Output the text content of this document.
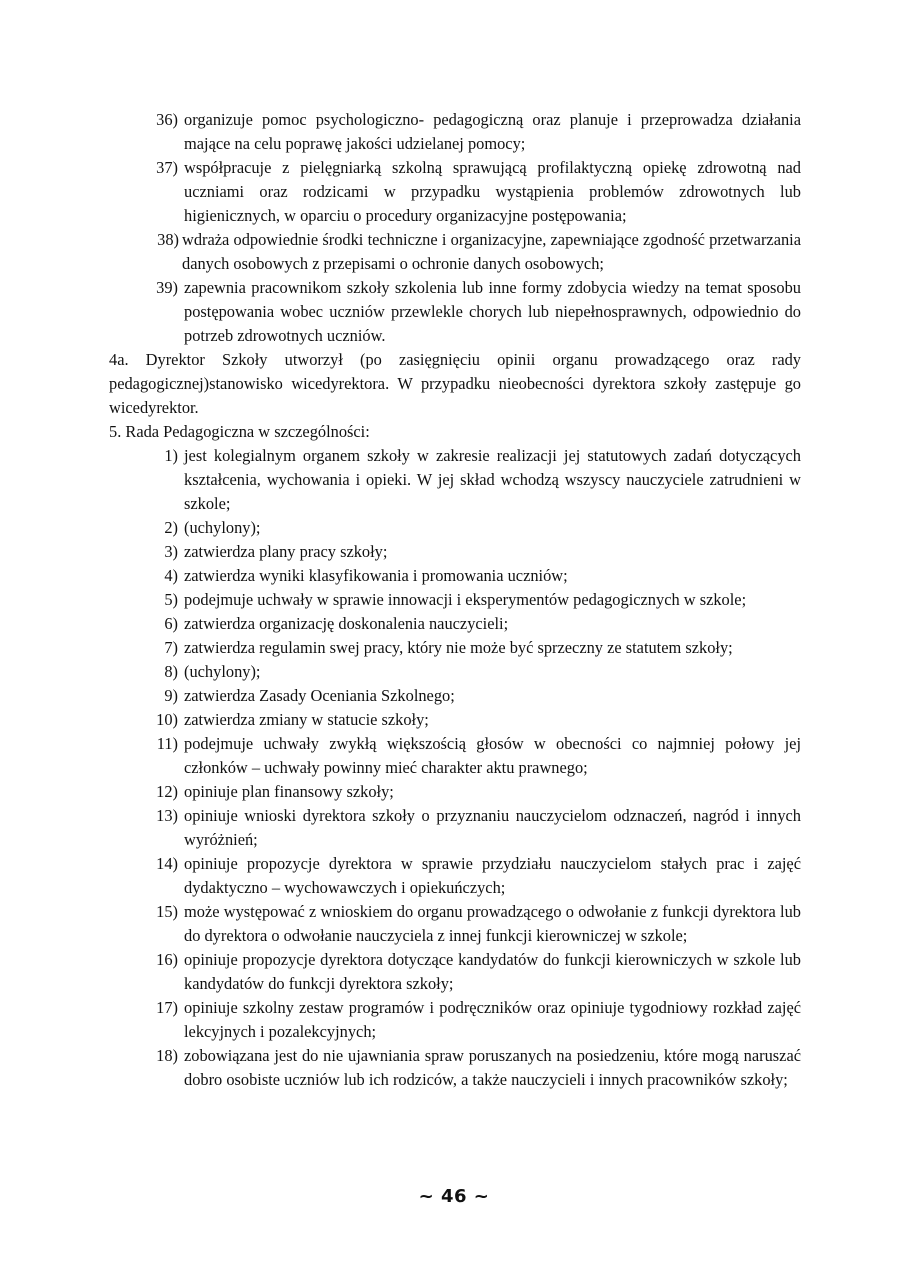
36) organizuje pomoc psychologiczno- pedagogiczną oraz planuje i przeprowadza działania mające na celu poprawę jakości udzielanej pomocy;
37) współpracuje z pielęgniarką szkolną sprawującą profilaktyczną opiekę zdrowotną nad uczniami oraz rodzicami w przypadku wystąpienia problemów zdrowotnych lub higienicznych, w oparciu o procedury organizacyjne postępowania;
38) wdraża odpowiednie środki techniczne i organizacyjne, zapewniające zgodność przetwarzania danych osobowych z przepisami o ochronie danych osobowych;
39) zapewnia pracownikom szkoły szkolenia lub inne formy zdobycia wiedzy na temat sposobu postępowania wobec uczniów przewlekle chorych lub niepełnosprawnych, odpowiednio do potrzeb zdrowotnych uczniów.
4a. Dyrektor Szkoły utworzył (po zasięgnięciu opinii organu prowadzącego oraz rady pedagogicznej)stanowisko wicedyrektora. W przypadku nieobecności dyrektora szkoły zastępuje go wicedyrektor.
5. Rada Pedagogiczna w szczególności:
1) jest kolegialnym organem szkoły w zakresie realizacji jej statutowych zadań dotyczących kształcenia, wychowania i opieki. W jej skład wchodzą wszyscy nauczyciele zatrudnieni w szkole;
2) (uchylony);
3) zatwierdza plany pracy szkoły;
4) zatwierdza wyniki klasyfikowania i promowania uczniów;
5) podejmuje uchwały w sprawie innowacji i eksperymentów pedagogicznych w szkole;
6) zatwierdza organizację doskonalenia nauczycieli;
7) zatwierdza regulamin swej pracy, który nie może być sprzeczny ze statutem szkoły;
8) (uchylony);
9) zatwierdza Zasady Oceniania Szkolnego;
10) zatwierdza zmiany w statucie szkoły;
11) podejmuje uchwały zwykłą większością głosów w obecności co najmniej połowy jej członków – uchwały powinny mieć charakter aktu prawnego;
12) opiniuje plan finansowy szkoły;
13) opiniuje wnioski dyrektora szkoły o przyznaniu nauczycielom odznaczeń, nagród i innych wyróżnień;
14) opiniuje propozycje dyrektora w sprawie przydziału nauczycielom stałych prac i zajęć dydaktyczno – wychowawczych i opiekuńczych;
15) może występować z wnioskiem do organu prowadzącego o odwołanie z funkcji dyrektora lub do dyrektora o odwołanie nauczyciela z innej funkcji kierowniczej w szkole;
16) opiniuje propozycje dyrektora dotyczące kandydatów do funkcji kierowniczych w szkole lub kandydatów do funkcji dyrektora szkoły;
17) opiniuje szkolny zestaw programów i podręczników oraz opiniuje tygodniowy rozkład zajęć lekcyjnych i pozalekcyjnych;
18) zobowiązana jest do nie ujawniania spraw poruszanych na posiedzeniu, które mogą naruszać dobro osobiste uczniów lub ich rodziców, a także nauczycieli i innych pracowników szkoły;
~ 46 ~
